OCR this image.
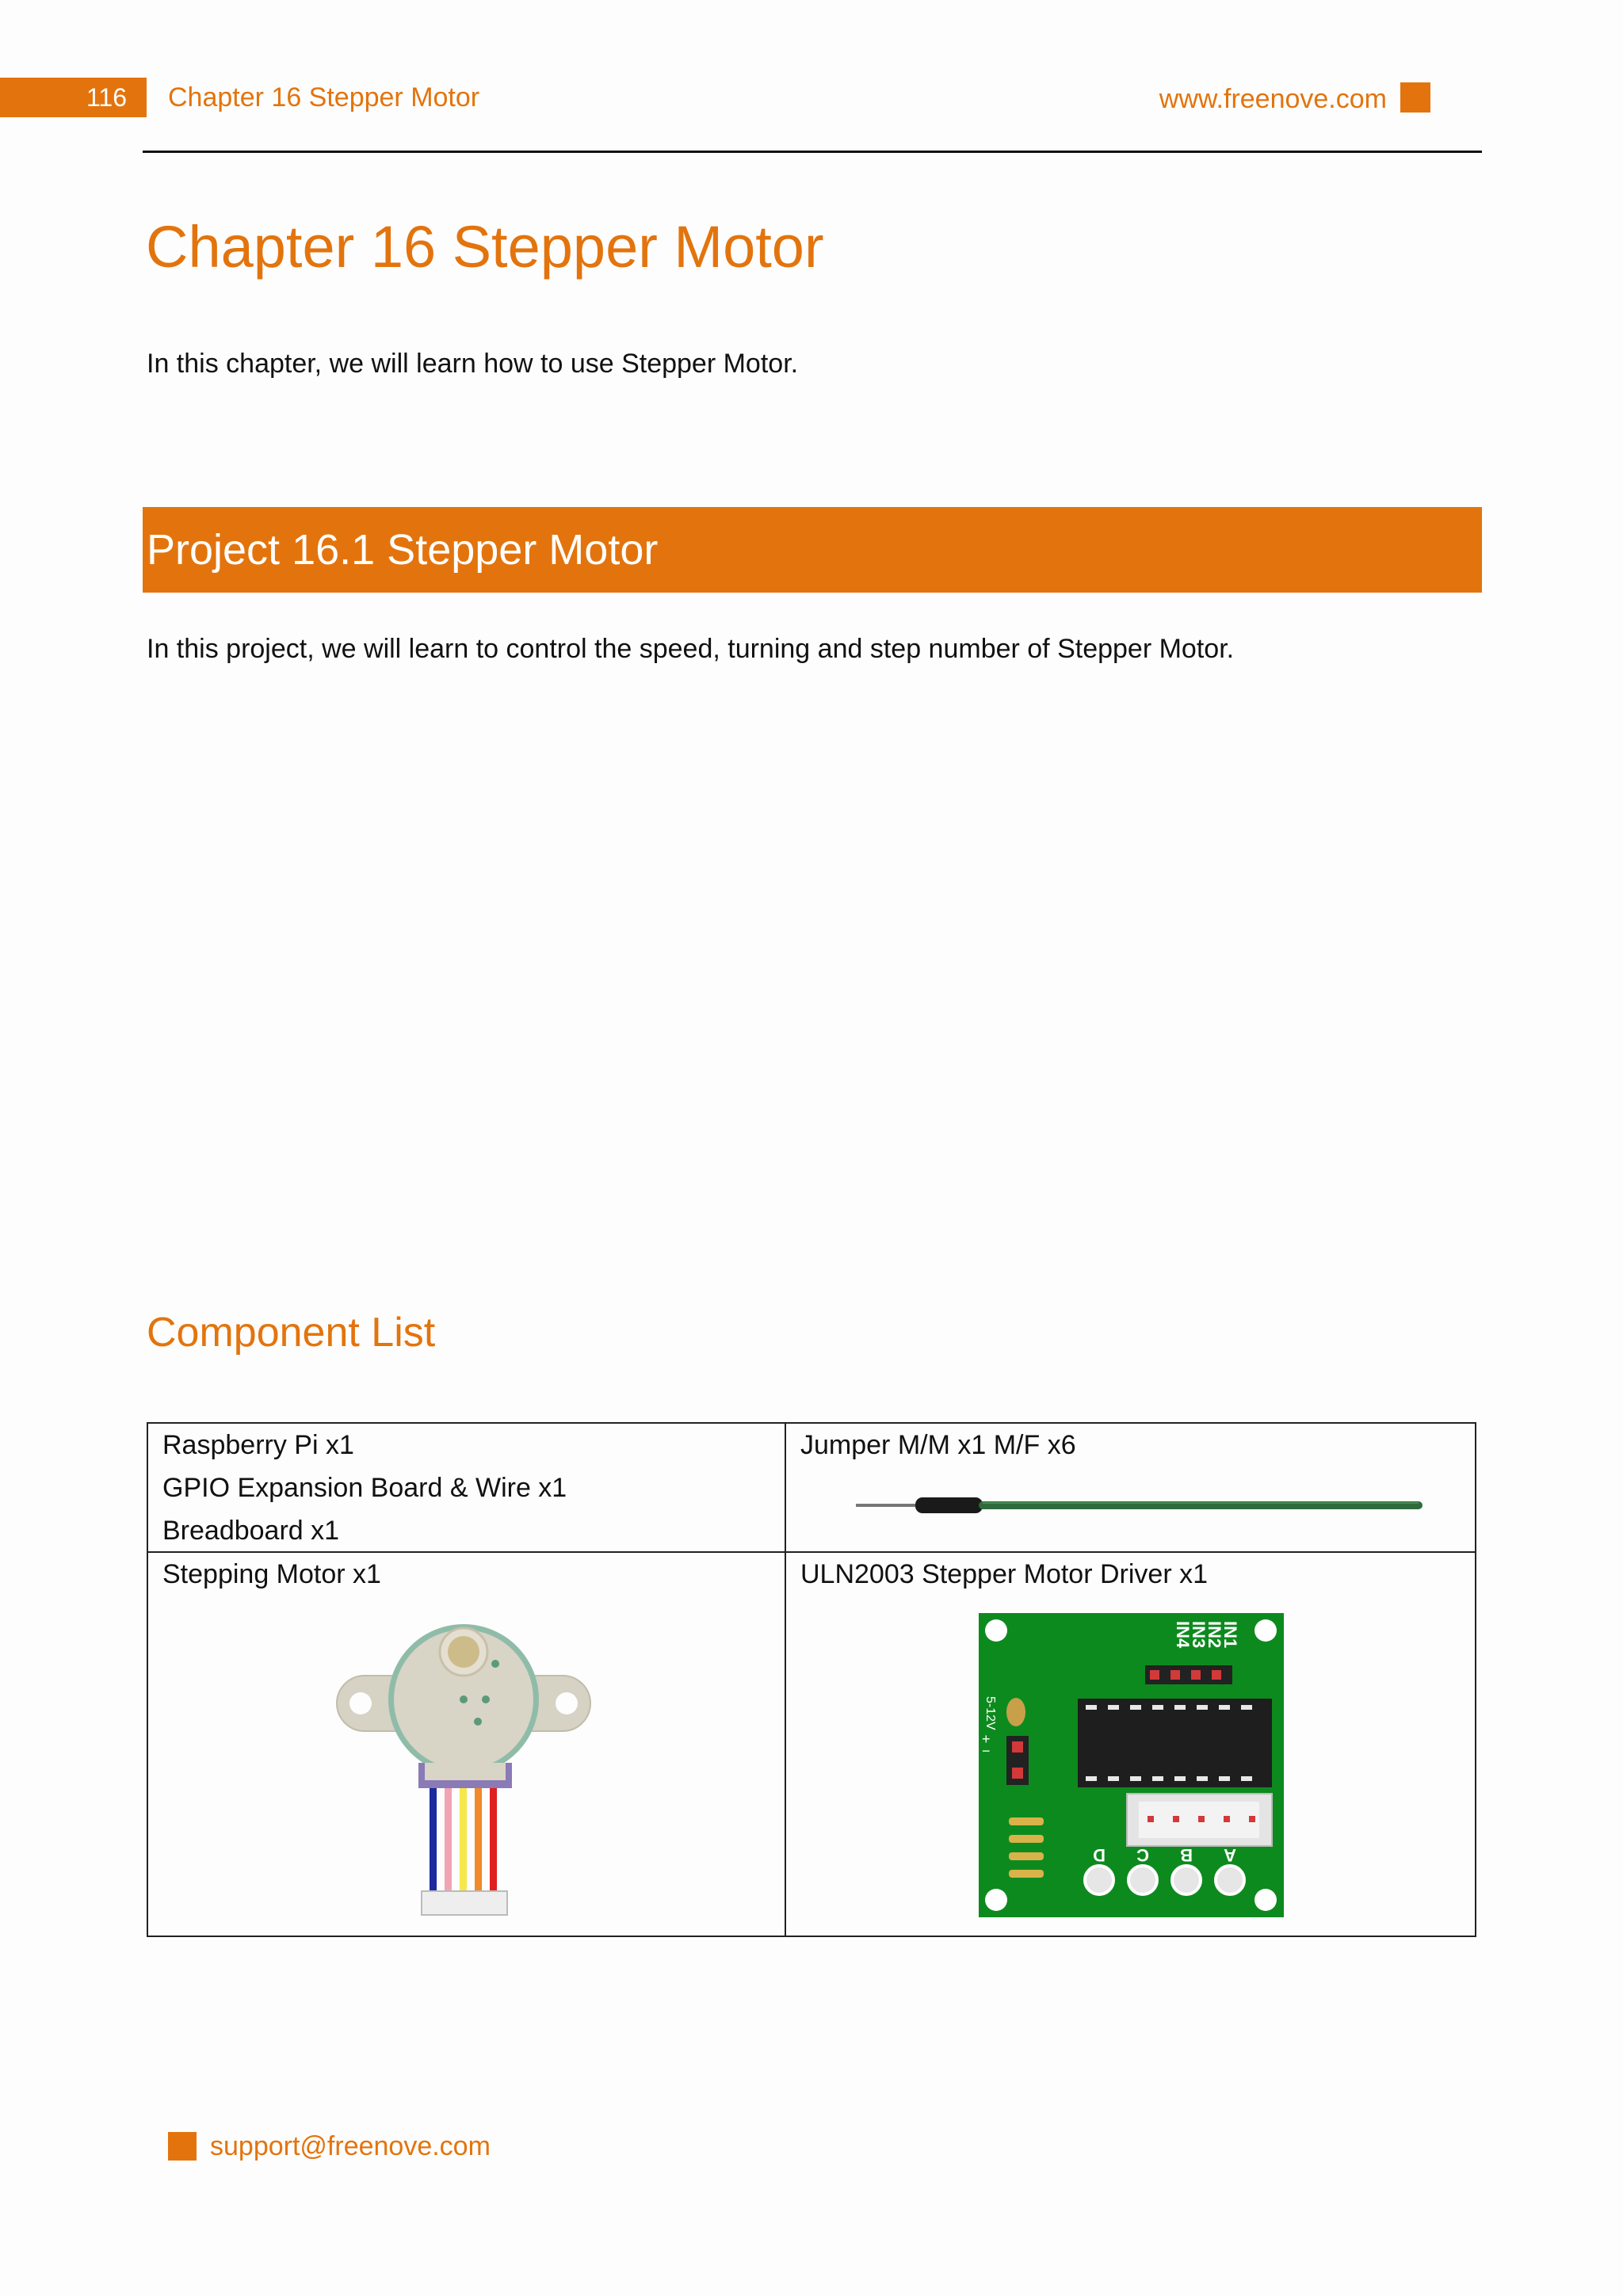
116 Chapter 16 Stepper Motor	www.freenove.com
Chapter 16 Stepper Motor
In this chapter, we will learn how to use Stepper Motor.
Project 16.1 Stepper Motor
In this project, we will learn to control the speed, turning and step number of Stepper Motor.
Component List
Raspberry Pi x1
GPIO Expansion Board & Wire x1
Breadboard x1
Jumper M/M x1 M/F x6
Stepping Motor x1	ULN2003 Stepper Motor Driver x1
IN1
IN2
IN3
IN4
5-12V
+
−
D C B A
support@freenove.com
